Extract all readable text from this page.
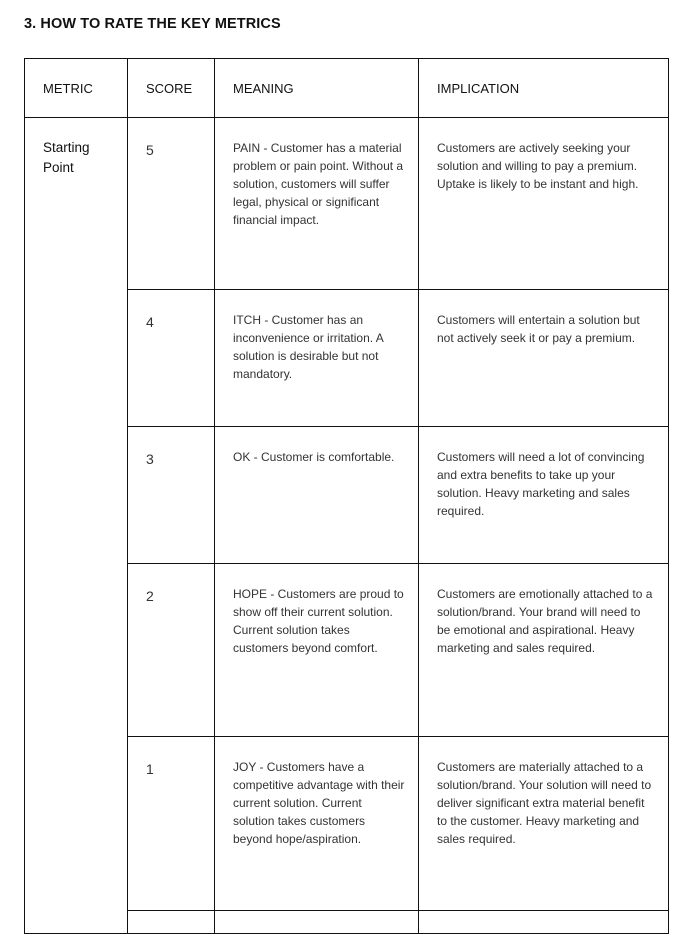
3. HOW TO RATE THE KEY METRICS
METRIC	SCORE	MEANING	IMPLICATION
Starting Point	5	PAIN - Customer has a material problem or pain point. Without a solution, customers will suffer legal, physical or significant financial impact.	Customers are actively seeking your solution and willing to pay a premium. Uptake is likely to be instant and high.
	4	ITCH - Customer has an inconvenience or irritation. A solution is desirable but not mandatory.	Customers will entertain a solution but not actively seek it or pay a premium.
	3	OK - Customer is comfortable.	Customers will need a lot of convincing and extra benefits to take up your solution. Heavy marketing and sales required.
	2	HOPE - Customers are proud to show off their current solution. Current solution takes customers beyond comfort.	Customers are emotionally attached to a solution/brand. Your brand will need to be emotional and aspirational. Heavy marketing and sales required.
	1	JOY - Customers have a competitive advantage with their current solution. Current solution takes customers beyond hope/aspiration.	Customers are materially attached to a solution/brand. Your solution will need to deliver significant extra material benefit to the customer. Heavy marketing and sales required.
